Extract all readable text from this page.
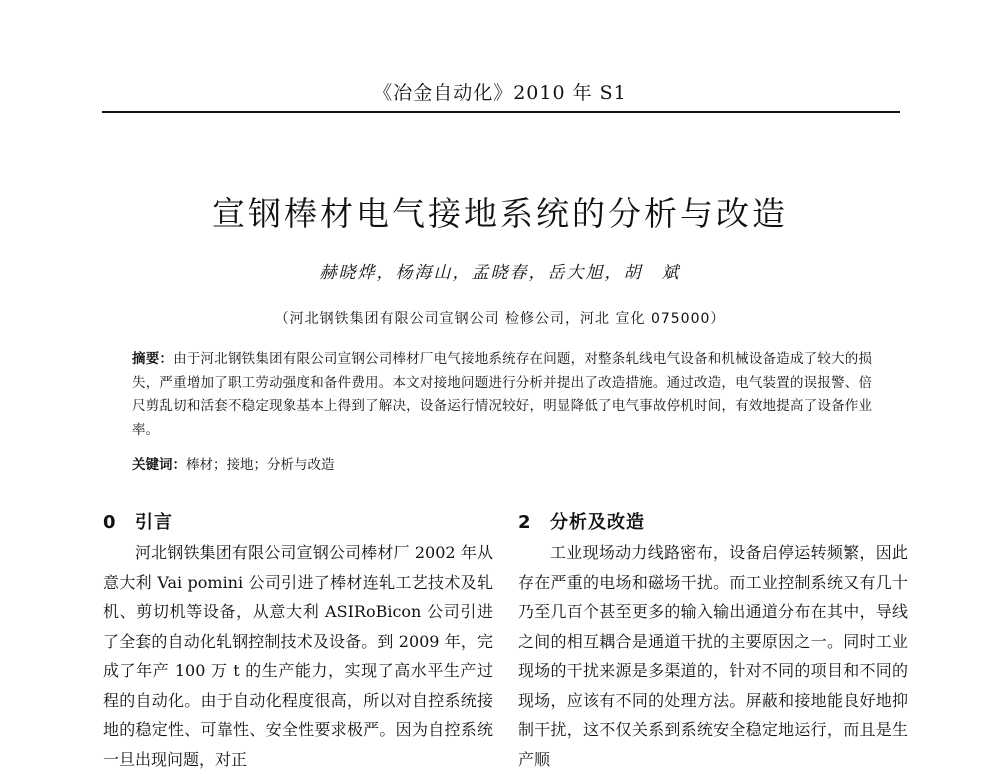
《冶金自动化》2010 年 S1
宣钢棒材电气接地系统的分析与改造
赫晓烨，杨海山，孟晓春，岳大旭，胡　斌
（河北钢铁集团有限公司宣钢公司 检修公司，河北 宣化 075000）
摘要：由于河北钢铁集团有限公司宣钢公司棒材厂电气接地系统存在问题，对整条轧线电气设备和机械设备造成了较大的损失，严重增加了职工劳动强度和备件费用。本文对接地问题进行分析并提出了改造措施。通过改造，电气装置的误报警、倍尺剪乱切和活套不稳定现象基本上得到了解决，设备运行情况较好，明显降低了电气事故停机时间，有效地提高了设备作业率。
关键词：棒材；接地；分析与改造
0 引言

河北钢铁集团有限公司宣钢公司棒材厂 2002 年从意大利 Vai pomini 公司引进了棒材连轧工艺技术及轧机、剪切机等设备，从意大利 ASIRoBicon 公司引进了全套的自动化轧钢控制技术及设备。到 2009 年，完成了年产 100 万 t 的生产能力，实现了高水平生产过程的自动化。由于自动化程度很高，所以对自控系统接地的稳定性、可靠性、安全性要求极严。因为自控系统一旦出现问题，对正

2 分析及改造

工业现场动力线路密布，设备启停运转频繁，因此存在严重的电场和磁场干扰。而工业控制系统又有几十乃至几百个甚至更多的输入输出通道分布在其中，导线之间的相互耦合是通道干扰的主要原因之一。同时工业现场的干扰来源是多渠道的，针对不同的项目和不同的现场，应该有不同的处理方法。屏蔽和接地能良好地抑制干扰，这不仅关系到系统安全稳定地运行，而且是生产顺
